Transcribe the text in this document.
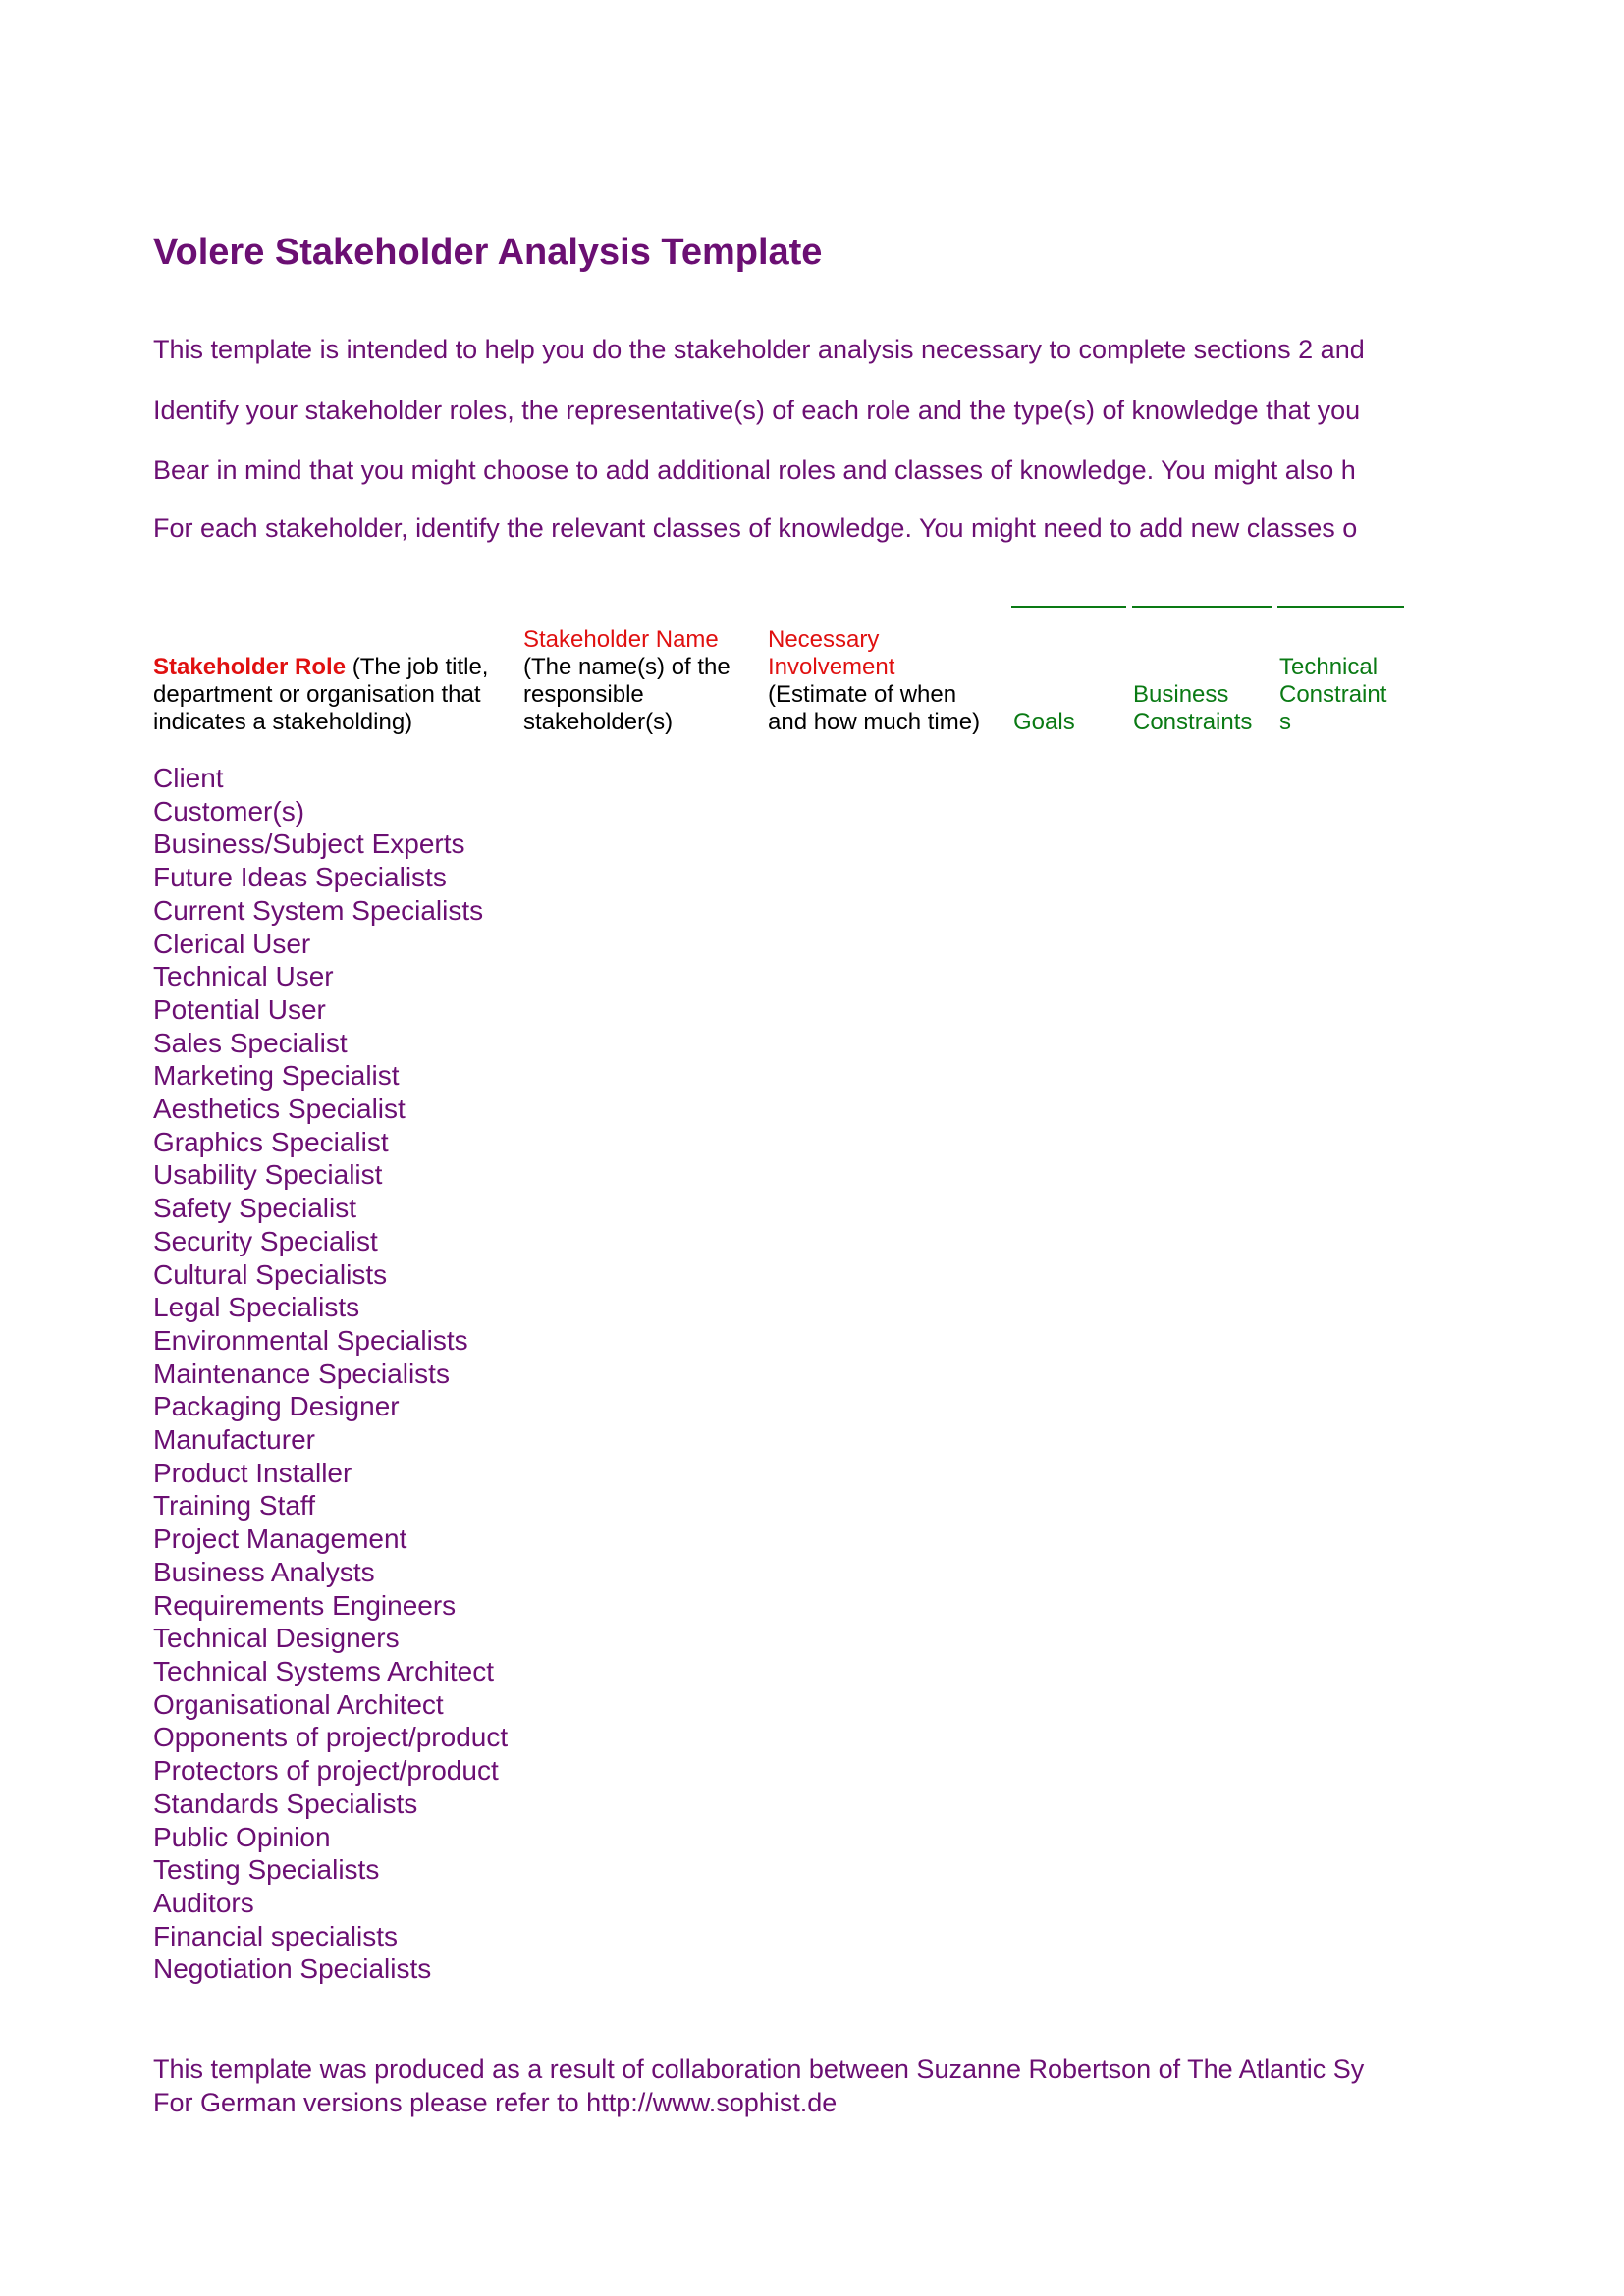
Volere Stakeholder Analysis Template
This template is intended to help you do the stakeholder analysis necessary to complete sections 2 and
Identify your stakeholder roles, the representative(s) of each role and the type(s) of knowledge that you
Bear in mind that you might choose to add additional roles and classes of knowledge. You might also h
For each stakeholder, identify the relevant classes of knowledge. You might need to add new classes o
Stakeholder Role (The job title,
department or organisation that
indicates a stakeholding)
Stakeholder Name
(The name(s) of the
responsible
stakeholder(s)
Necessary
Involvement
(Estimate of when
and how much time) Goals
Business
Constraints
Technical
Constraint
s
Client
Customer(s)
Business/Subject Experts
Future Ideas Specialists
Current System Specialists
Clerical User
Technical User
Potential User
Sales Specialist
Marketing Specialist
Aesthetics Specialist
Graphics Specialist
Usability Specialist
Safety Specialist
Security Specialist
Cultural Specialists
Legal Specialists
Environmental Specialists
Maintenance Specialists
Packaging Designer
Manufacturer
Product Installer
Training Staff
Project Management
Business Analysts
Requirements Engineers
Technical Designers
Technical Systems Architect
Organisational Architect
Opponents of project/product
Protectors of project/product
Standards Specialists
Public Opinion
Testing Specialists
Auditors
Financial specialists
Negotiation Specialists
This template was produced as a result of collaboration between Suzanne Robertson of The Atlantic Sy
For German versions please refer to http://www.sophist.de
